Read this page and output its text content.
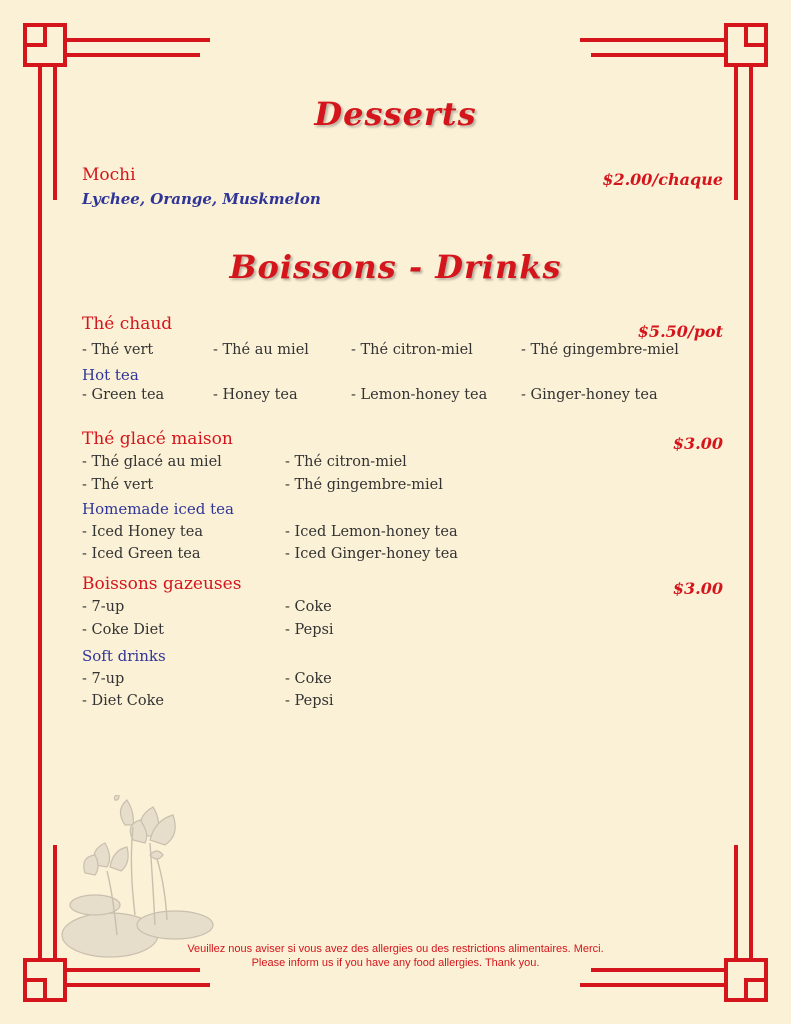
Desserts
Mochi	$2.00/chaque
Lychee, Orange, Muskmelon
Boissons - Drinks
Thé chaud	$5.50/pot
- Thé vert	- Thé au miel	- Thé citron-miel	- Thé gingembre-miel
Hot tea
- Green tea	- Honey tea	- Lemon-honey tea - Ginger-honey tea
Thé glacé maison	$3.00
- Thé glacé au miel	- Thé citron-miel
- Thé vert	- Thé gingembre-miel
Homemade iced tea
- Iced Honey tea	- Iced Lemon-honey tea
- Iced Green tea	- Iced Ginger-honey tea
Boissons gazeuses	$3.00
- 7-up	- Coke
- Coke Diet	- Pepsi
Soft drinks
- 7-up	- Coke
- Diet Coke	- Pepsi
Veuillez nous aviser si vous avez des allergies ou des restrictions alimentaires. Merci.
Please inform us if you have any food allergies. Thank you.
